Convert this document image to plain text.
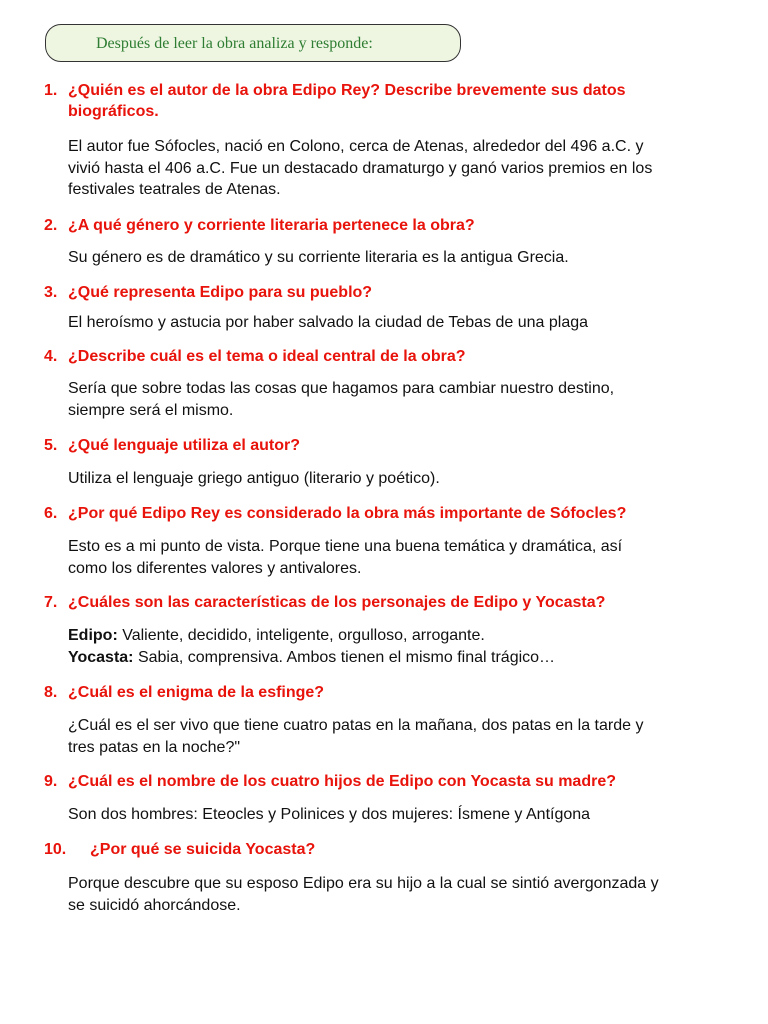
Después de leer la obra analiza y responde:
1. ¿Quién es el autor de la obra Edipo Rey? Describe brevemente sus datos
biográficos.
El autor fue Sófocles, nació en Colono, cerca de Atenas, alrededor del 496 a.C. y
vivió hasta el 406 a.C. Fue un destacado dramaturgo y ganó varios premios en los
festivales teatrales de Atenas.
2. ¿A qué género y corriente literaria pertenece la obra?
Su género es de dramático y su corriente literaria es la antigua Grecia.
3. ¿Qué representa Edipo para su pueblo?
El heroísmo y astucia por haber salvado la ciudad de Tebas de una plaga
4. ¿Describe cuál es el tema o ideal central de la obra?
Sería que sobre todas las cosas que hagamos para cambiar nuestro destino,
siempre será el mismo.
5. ¿Qué lenguaje utiliza el autor?
Utiliza el lenguaje griego antiguo (literario y poético).
6. ¿Por qué Edipo Rey es considerado la obra más importante de Sófocles?
Esto es a mi punto de vista. Porque tiene una buena temática y dramática, así
como los diferentes valores y antivalores.
7. ¿Cuáles son las características de los personajes de Edipo y Yocasta?
Edipo: Valiente, decidido, inteligente, orgulloso, arrogante.
Yocasta: Sabia, comprensiva. Ambos tienen el mismo final trágico…
8. ¿Cuál es el enigma de la esfinge?
¿Cuál es el ser vivo que tiene cuatro patas en la mañana, dos patas en la tarde y
tres patas en la noche?"
9. ¿Cuál es el nombre de los cuatro hijos de Edipo con Yocasta su madre?
Son dos hombres: Eteocles y Polinices y dos mujeres: Ísmene y Antígona
10. ¿Por qué se suicida Yocasta?
Porque descubre que su esposo Edipo era su hijo a la cual se sintió avergonzada y
se suicidó ahorcándose.
